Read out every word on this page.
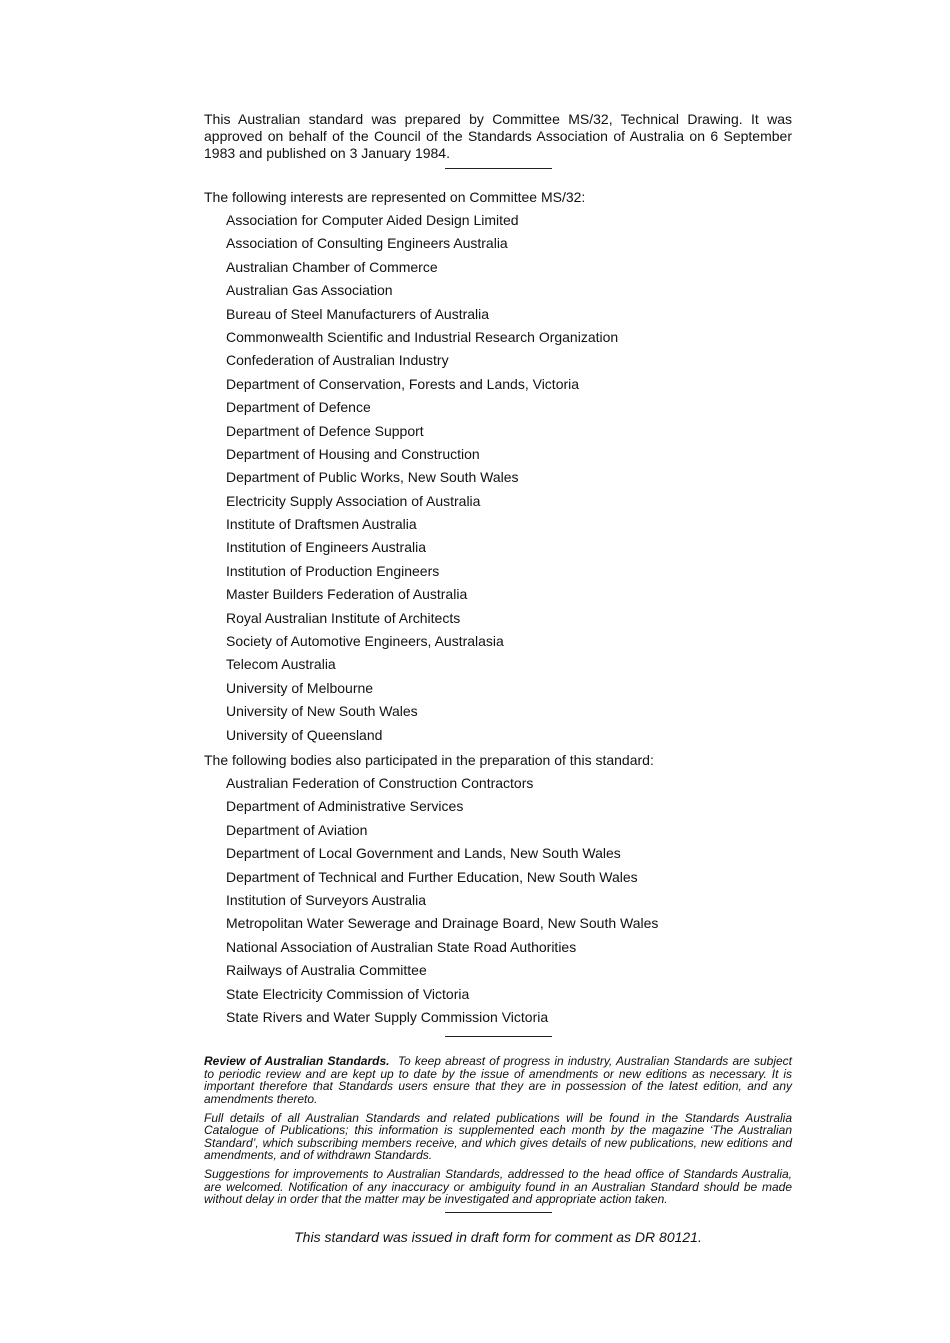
This Australian standard was prepared by Committee MS/32, Technical Drawing. It was approved on behalf of the Council of the Standards Association of Australia on 6 September 1983 and published on 3 January 1984.

The following interests are represented on Committee MS/32:

Association for Computer Aided Design Limited
Association of Consulting Engineers Australia
Australian Chamber of Commerce
Australian Gas Association
Bureau of Steel Manufacturers of Australia
Commonwealth Scientific and Industrial Research Organization
Confederation of Australian Industry
Department of Conservation, Forests and Lands, Victoria
Department of Defence
Department of Defence Support
Department of Housing and Construction
Department of Public Works, New South Wales
Electricity Supply Association of Australia
Institute of Draftsmen Australia
Institution of Engineers Australia
Institution of Production Engineers
Master Builders Federation of Australia
Royal Australian Institute of Architects
Society of Automotive Engineers, Australasia
Telecom Australia
University of Melbourne
University of New South Wales
University of Queensland

The following bodies also participated in the preparation of this standard:

Australian Federation of Construction Contractors
Department of Administrative Services
Department of Aviation
Department of Local Government and Lands, New South Wales
Department of Technical and Further Education, New South Wales
Institution of Surveyors Australia
Metropolitan Water Sewerage and Drainage Board, New South Wales
National Association of Australian State Road Authorities
Railways of Australia Committee
State Electricity Commission of Victoria
State Rivers and Water Supply Commission Victoria

Review of Australian Standards. To keep abreast of progress in industry, Australian Standards are subject to periodic review and are kept up to date by the issue of amendments or new editions as necessary. It is important therefore that Standards users ensure that they are in possession of the latest edition, and any amendments thereto.

Full details of all Australian Standards and related publications will be found in the Standards Australia Catalogue of Publications; this information is supplemented each month by the magazine ‘The Australian Standard’, which subscribing members receive, and which gives details of new publications, new editions and amendments, and of withdrawn Standards.

Suggestions for improvements to Australian Standards, addressed to the head office of Standards Australia, are welcomed. Notification of any inaccuracy or ambiguity found in an Australian Standard should be made without delay in order that the matter may be investigated and appropriate action taken.

This standard was issued in draft form for comment as DR 80121.
